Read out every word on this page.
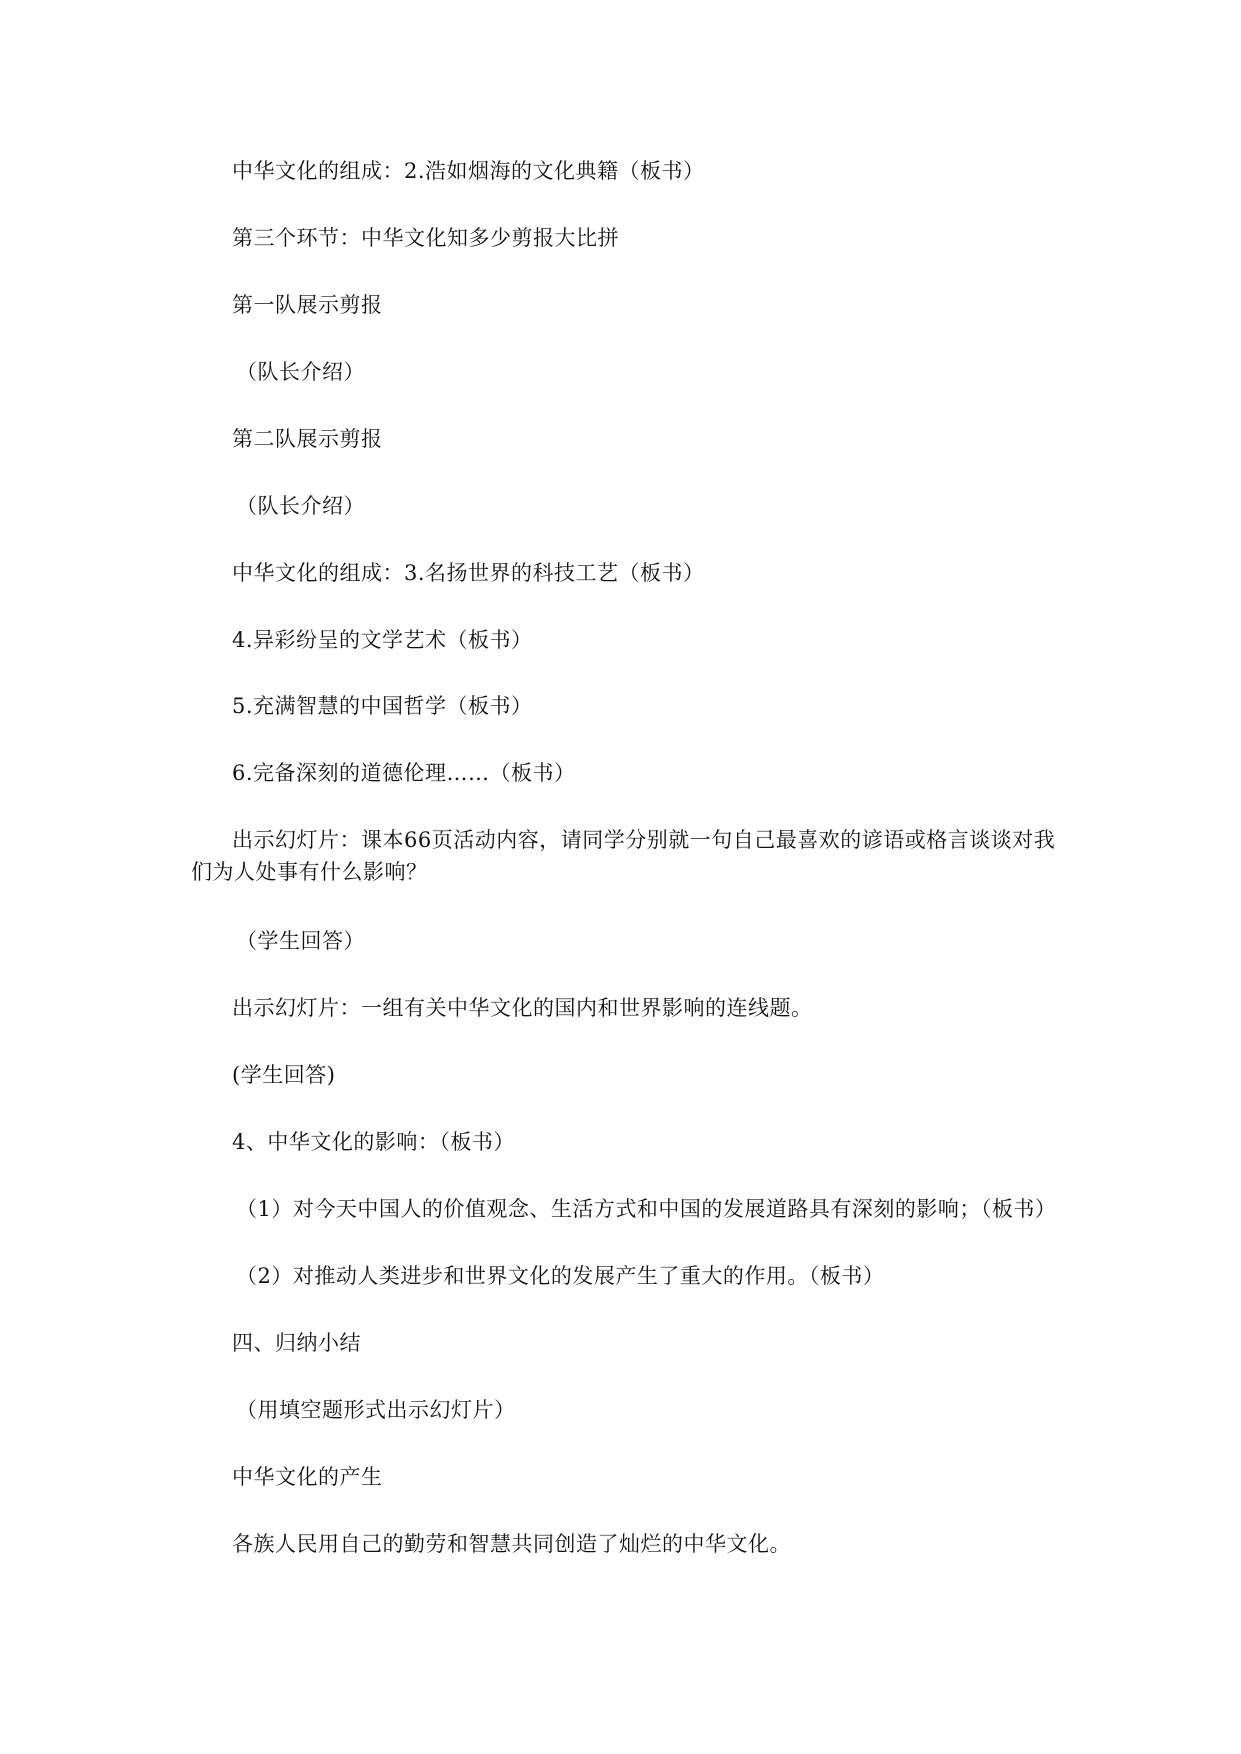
中华文化的组成：2.浩如烟海的文化典籍（板书）
第三个环节：中华文化知多少剪报大比拼
第一队展示剪报
（队长介绍）
第二队展示剪报
（队长介绍）
中华文化的组成：3.名扬世界的科技工艺（板书）
4.异彩纷呈的文学艺术（板书）
5.充满智慧的中国哲学（板书）
6.完备深刻的道德伦理……（板书）
出示幻灯片：课本66页活动内容，请同学分别就一句自己最喜欢的谚语或格言谈谈对我们为人处事有什么影响？
（学生回答）
出示幻灯片：一组有关中华文化的国内和世界影响的连线题。
(学生回答)
4、中华文化的影响：（板书）
（1）对今天中国人的价值观念、生活方式和中国的发展道路具有深刻的影响；（板书）
（2）对推动人类进步和世界文化的发展产生了重大的作用。（板书）
四、归纳小结
（用填空题形式出示幻灯片）
中华文化的产生
各族人民用自己的勤劳和智慧共同创造了灿烂的中华文化。
